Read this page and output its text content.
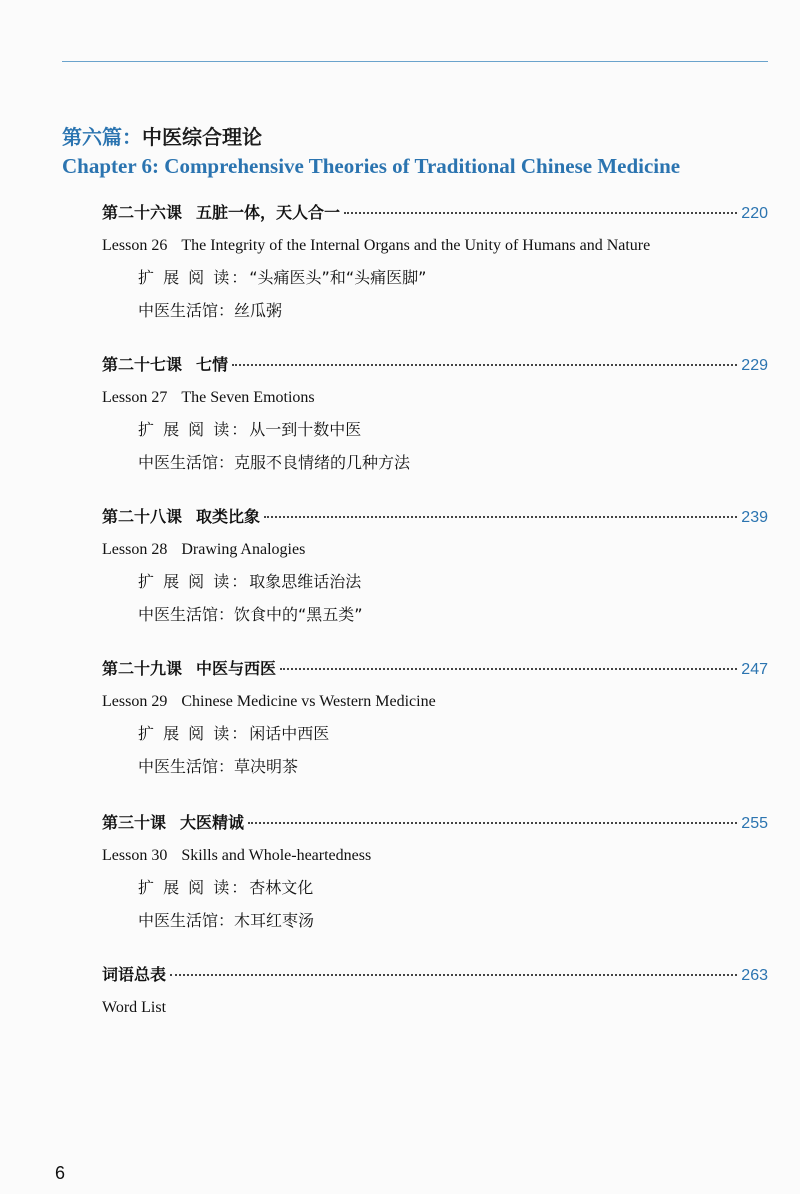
第六篇：中医综合理论
Chapter 6: Comprehensive Theories of Traditional Chinese Medicine
第二十六课 五脏一体，天人合一	220
Lesson 26 The Integrity of the Internal Organs and the Unity of Humans and Nature
扩 展 阅 读：“头痛医头”和“头痛医脚”
中医生活馆：丝瓜粥
第二十七课 七情	229
Lesson 27 The Seven Emotions
扩 展 阅 读：从一到十数中医
中医生活馆：克服不良情绪的几种方法
第二十八课 取类比象	239
Lesson 28 Drawing Analogies
扩 展 阅 读：取象思维话治法
中医生活馆：饮食中的“黑五类”
第二十九课 中医与西医	247
Lesson 29 Chinese Medicine vs Western Medicine
扩 展 阅 读：闲话中西医
中医生活馆：草决明茶
第三十课 大医精诚	255
Lesson 30 Skills and Whole-heartedness
扩 展 阅 读：杏林文化
中医生活馆：木耳红枣汤
词语总表	263
Word List
6
